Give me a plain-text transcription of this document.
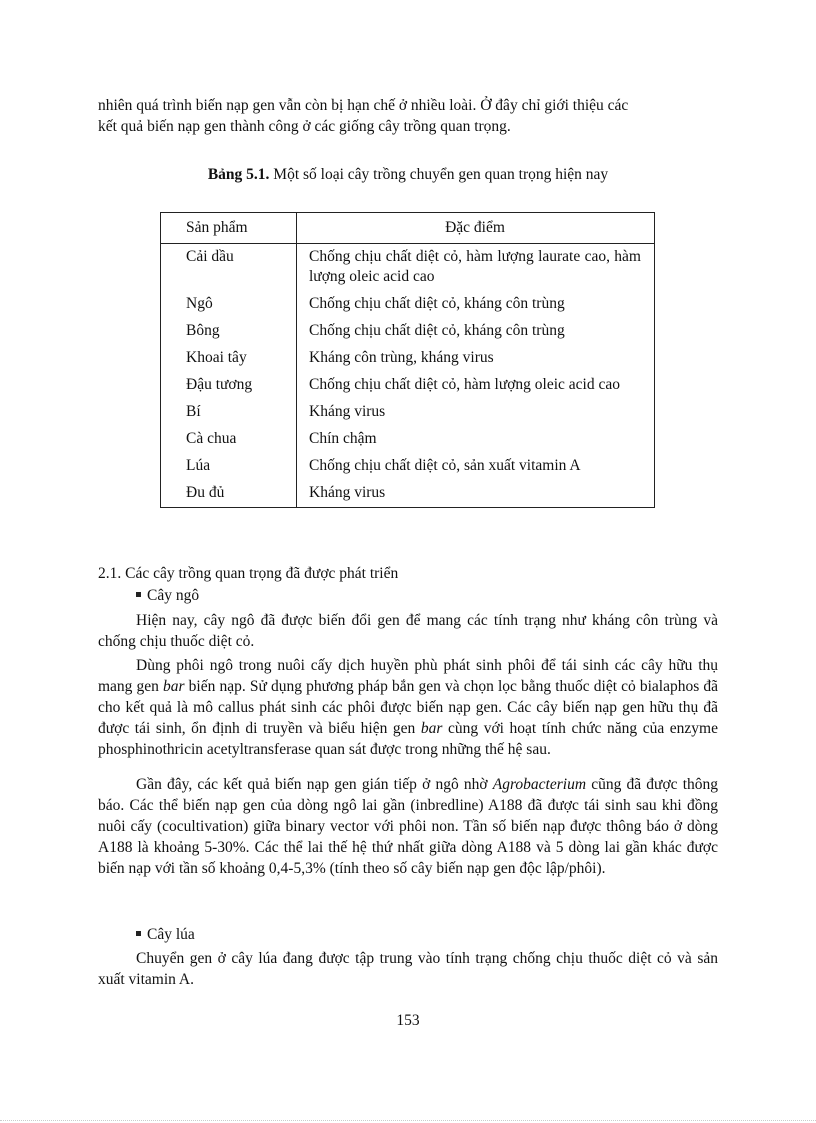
nhiên quá trình biến nạp gen vẫn còn bị hạn chế ở nhiều loài. Ở đây chỉ giới thiệu các
kết quả biến nạp gen thành công ở các giống cây trồng quan trọng.

Bảng 5.1. Một số loại cây trồng chuyển gen quan trọng hiện nay
Sản phẩm	Đặc điểm
Cải dầu	Chống chịu chất diệt cỏ, hàm lượng laurate cao, hàm lượng oleic acid cao
Ngô	Chống chịu chất diệt cỏ, kháng côn trùng
Bông	Chống chịu chất diệt cỏ, kháng côn trùng
Khoai tây	Kháng côn trùng, kháng virus
Đậu tương	Chống chịu chất diệt cỏ, hàm lượng oleic acid cao
Bí	Kháng virus
Cà chua	Chín chậm
Lúa	Chống chịu chất diệt cỏ, sản xuất vitamin A
Đu đủ	Kháng virus
2.1. Các cây trồng quan trọng đã được phát triển
Cây ngô

Hiện nay, cây ngô đã được biến đổi gen để mang các tính trạng như kháng côn trùng và chống chịu thuốc diệt cỏ.

Dùng phôi ngô trong nuôi cấy dịch huyền phù phát sinh phôi để tái sinh các cây hữu thụ mang gen bar biến nạp. Sử dụng phương pháp bắn gen và chọn lọc bằng thuốc diệt cỏ bialaphos đã cho kết quả là mô callus phát sinh các phôi được biến nạp gen. Các cây biến nạp gen hữu thụ đã được tái sinh, ổn định di truyền và biểu hiện gen bar cùng với hoạt tính chức năng của enzyme phosphinothricin acetyltransferase quan sát được trong những thế hệ sau.

Gần đây, các kết quả biến nạp gen gián tiếp ở ngô nhờ Agrobacterium cũng đã được thông báo. Các thể biến nạp gen của dòng ngô lai gần (inbredline) A188 đã được tái sinh sau khi đồng nuôi cấy (cocultivation) giữa binary vector với phôi non. Tần số biến nạp được thông báo ở dòng A188 là khoảng 5-30%. Các thể lai thế hệ thứ nhất giữa dòng A188 và 5 dòng lai gần khác được biến nạp với tần số khoảng 0,4-5,3% (tính theo số cây biến nạp gen độc lập/phôi).

Cây lúa

Chuyển gen ở cây lúa đang được tập trung vào tính trạng chống chịu thuốc diệt cỏ và sản xuất vitamin A.

153
